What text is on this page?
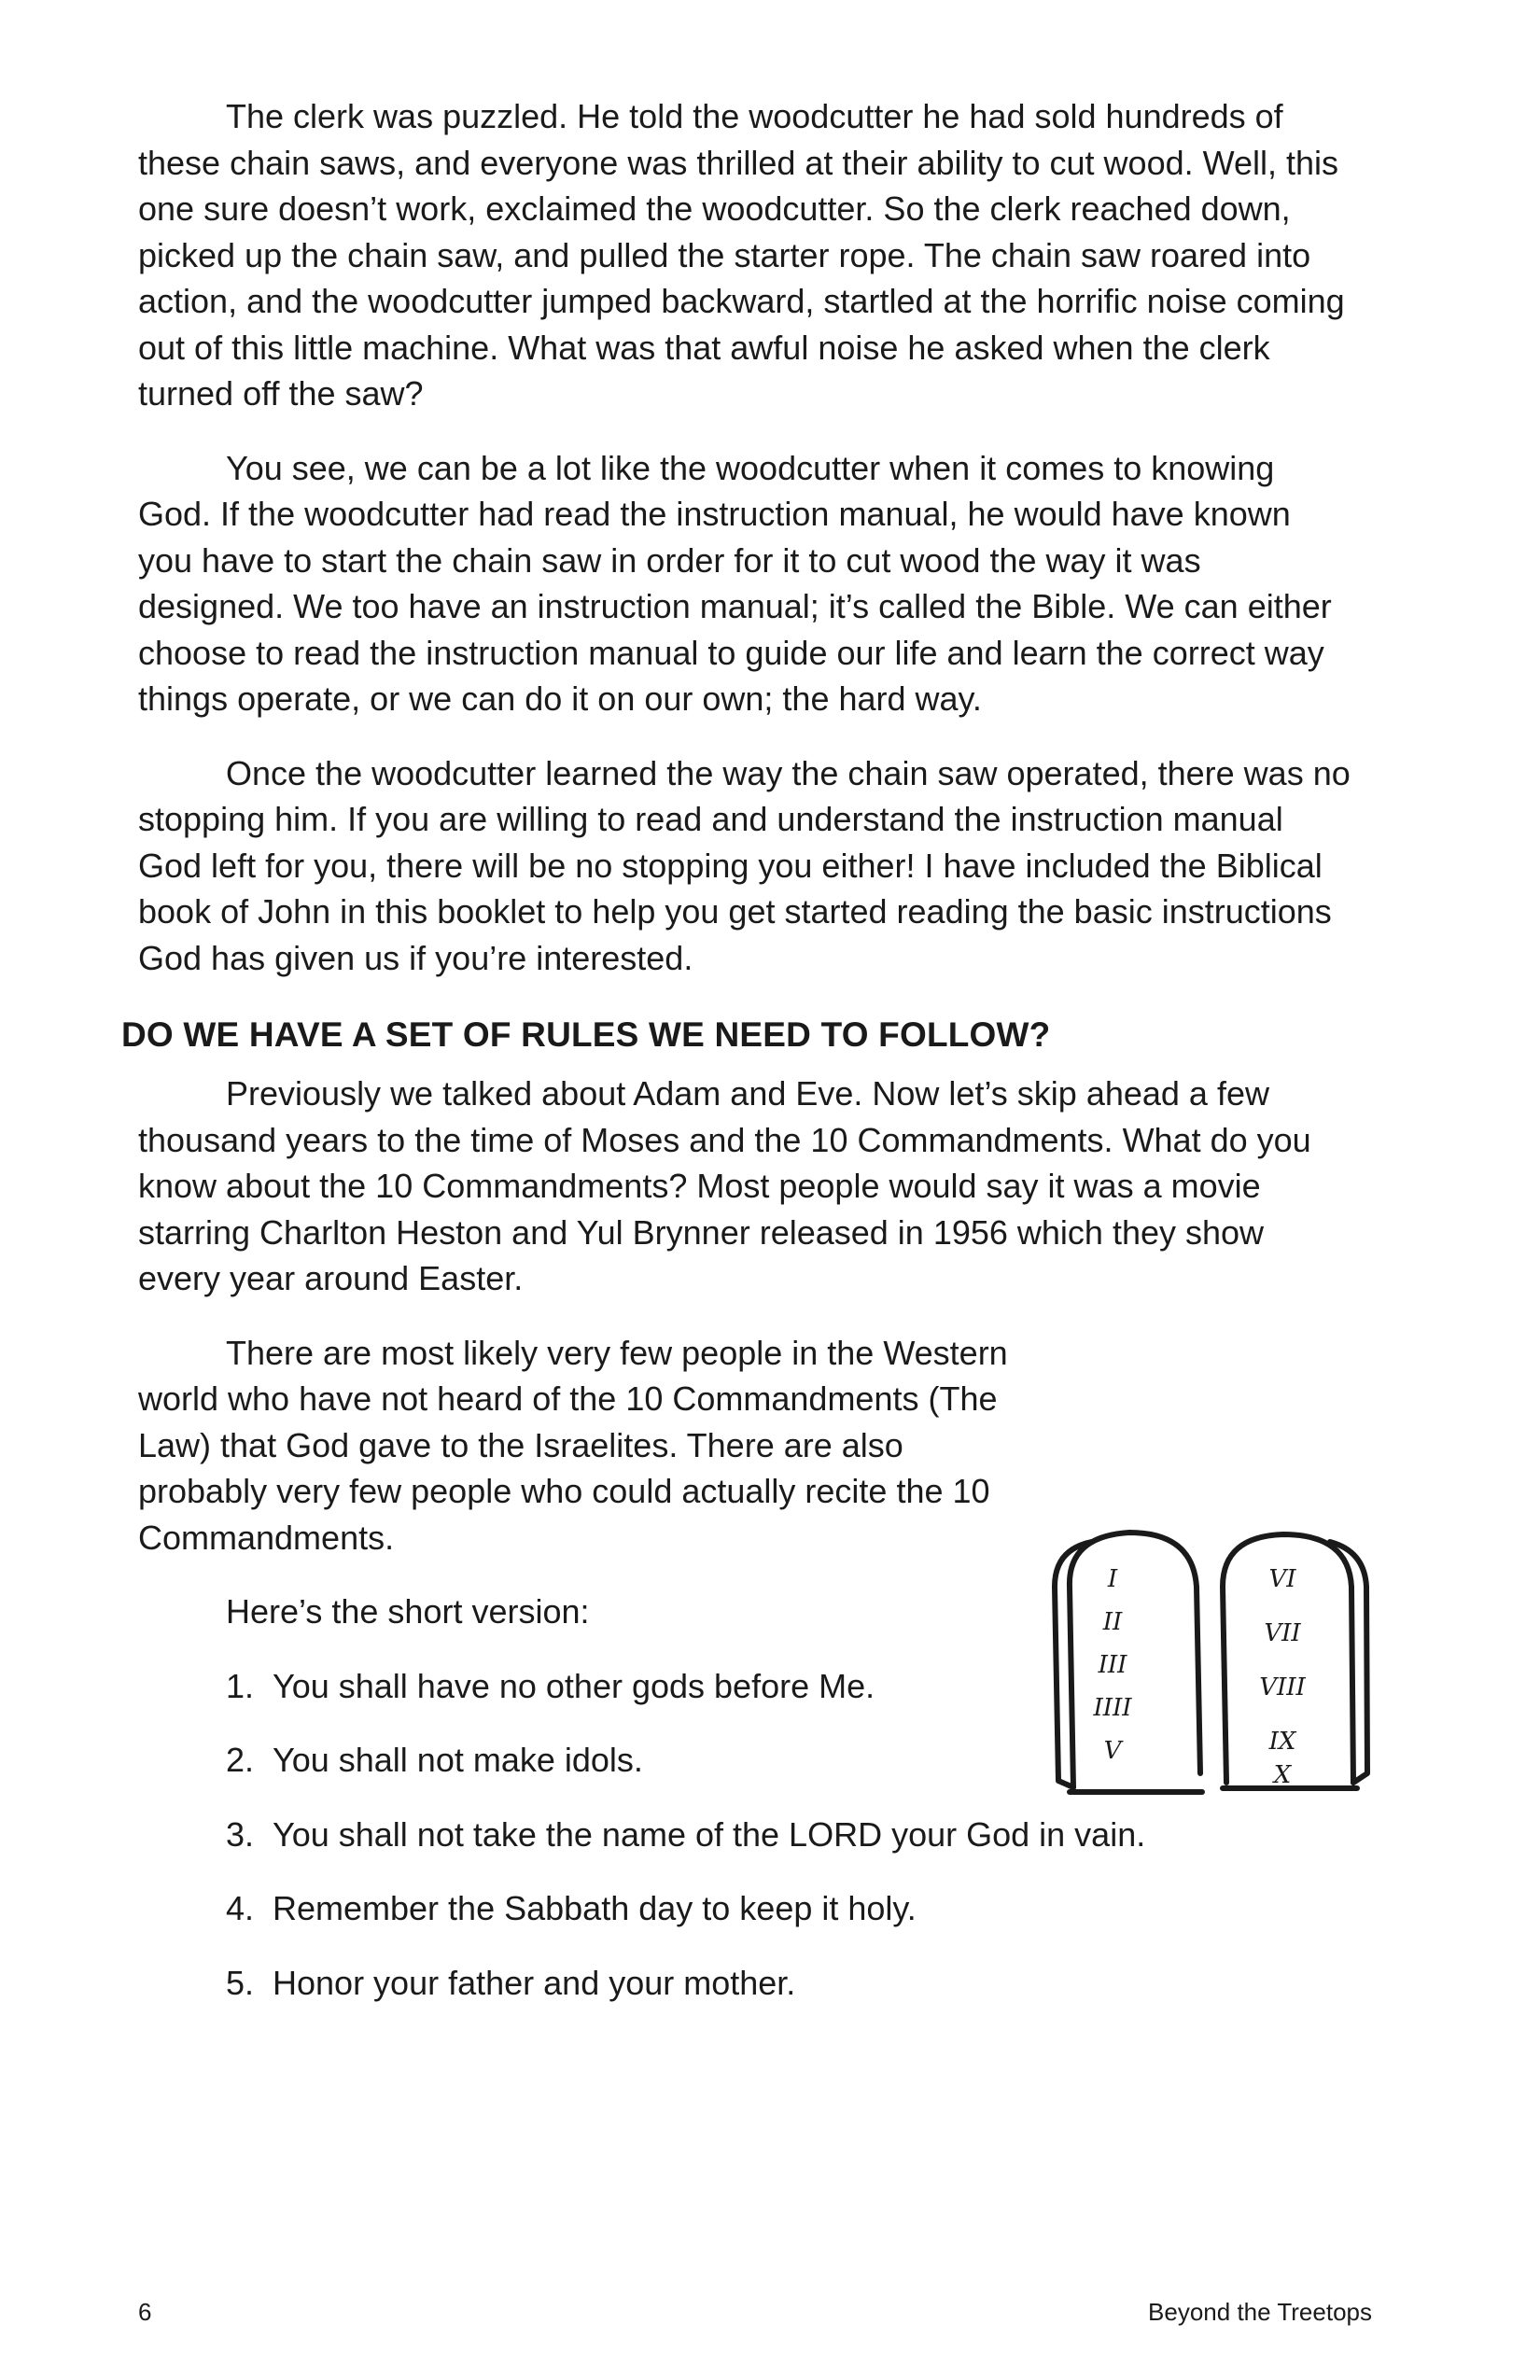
The clerk was puzzled. He told the woodcutter he had sold hundreds of these chain saws, and everyone was thrilled at their ability to cut wood. Well, this one sure doesn’t work, exclaimed the woodcutter. So the clerk reached down, picked up the chain saw, and pulled the starter rope. The chain saw roared into action, and the woodcutter jumped backward, startled at the horrific noise coming out of this little machine. What was that awful noise he asked when the clerk turned off the saw?

You see, we can be a lot like the woodcutter when it comes to knowing God. If the woodcutter had read the instruction manual, he would have known you have to start the chain saw in order for it to cut wood the way it was designed. We too have an instruction manual; it’s called the Bible. We can either choose to read the instruction manual to guide our life and learn the correct way things operate, or we can do it on our own; the hard way.

Once the woodcutter learned the way the chain saw operated, there was no stopping him. If you are willing to read and understand the instruction manual God left for you, there will be no stopping you either! I have included the Biblical book of John in this booklet to help you get started reading the basic instructions God has given us if you’re interested.

DO WE HAVE A SET OF RULES WE NEED TO FOLLOW?

Previously we talked about Adam and Eve. Now let’s skip ahead a few thousand years to the time of Moses and the 10 Commandments. What do you know about the 10 Commandments? Most people would say it was a movie starring Charlton Heston and Yul Brynner released in 1956 which they show every year around Easter.

There are most likely very few people in the Western world who have not heard of the 10 Commandments (The Law) that God gave to the Israelites. There are also probably very few people who could actually recite the 10 Commandments.

Here’s the short version:

1. You shall have no other gods before Me.
2. You shall not make idols.
3. You shall not take the name of the LORD your God in vain.
4. Remember the Sabbath day to keep it holy.
5. Honor your father and your mother.
I
II
III
IIII
V
VI
VII
VIII
IX
X
6	Beyond the Treetops
